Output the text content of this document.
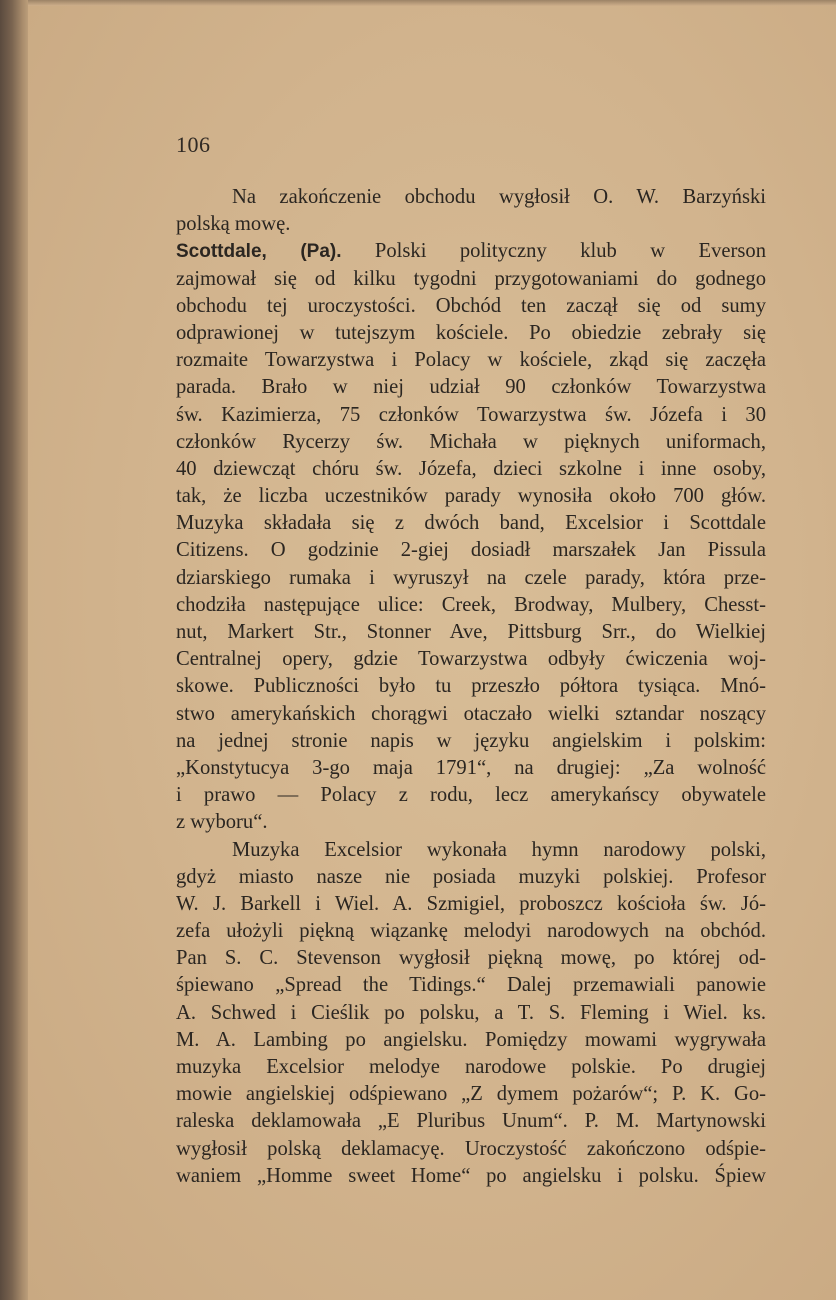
106
Na zakończenie obchodu wygłosił O. W. Barzyński
polską mowę.
Scottdale, (Pa). Polski polityczny klub w Everson
zajmował się od kilku tygodni przygotowaniami do godnego
obchodu tej uroczystości. Obchód ten zaczął się od sumy
odprawionej w tutejszym kościele. Po obiedzie zebrały się
rozmaite Towarzystwa i Polacy w kościele, zkąd się zaczęła
parada. Brało w niej udział 90 członków Towarzystwa
św. Kazimierza, 75 członków Towarzystwa św. Józefa i 30
członków Rycerzy św. Michała w pięknych uniformach,
40 dziewcząt chóru św. Józefa, dzieci szkolne i inne osoby,
tak, że liczba uczestników parady wynosiła około 700 głów.
Muzyka składała się z dwóch band, Excelsior i Scottdale
Citizens. O godzinie 2-giej dosiadł marszałek Jan Pissula
dziarskiego rumaka i wyruszył na czele parady, która prze-
chodziła następujące ulice: Creek, Brodway, Mulbery, Chesst-
nut, Markert Str., Stonner Ave, Pittsburg Srr., do Wielkiej
Centralnej opery, gdzie Towarzystwa odbyły ćwiczenia woj-
skowe. Publiczności było tu przeszło półtora tysiąca. Mnó-
stwo amerykańskich chorągwi otaczało wielki sztandar noszący
na jednej stronie napis w języku angielskim i polskim:
„Konstytucya 3-go maja 1791“, na drugiej: „Za wolność
i prawo — Polacy z rodu, lecz amerykańscy obywatele
z wyboru“.
Muzyka Excelsior wykonała hymn narodowy polski,
gdyż miasto nasze nie posiada muzyki polskiej. Profesor
W. J. Barkell i Wiel. A. Szmigiel, proboszcz kościoła św. Jó-
zefa ułożyli piękną wiązankę melodyi narodowych na obchód.
Pan S. C. Stevenson wygłosił piękną mowę, po której od-
śpiewano „Spread the Tidings.“ Dalej przemawiali panowie
A. Schwed i Cieślik po polsku, a T. S. Fleming i Wiel. ks.
M. A. Lambing po angielsku. Pomiędzy mowami wygrywała
muzyka Excelsior melodye narodowe polskie. Po drugiej
mowie angielskiej odśpiewano „Z dymem pożarów“; P. K. Go-
raleska deklamowała „E Pluribus Unum“. P. M. Martynowski
wygłosił polską deklamacyę. Uroczystość zakończono odśpie-
waniem „Homme sweet Home“ po angielsku i polsku. Śpiew
